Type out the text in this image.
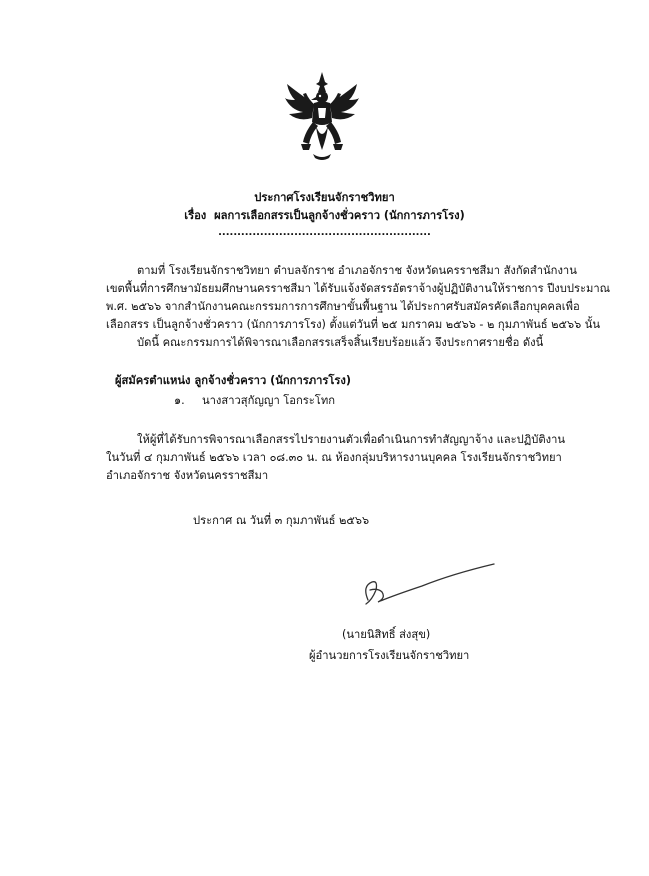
ประกาศโรงเรียนจักราชวิทยา
เรื่อง ผลการเลือกสรรเป็นลูกจ้างชั่วคราว (นักการภารโรง)
........................................................
ตามที่ โรงเรียนจักราชวิทยา ตำบลจักราช อำเภอจักราช จังหวัดนครราชสีมา สังกัดสำนักงาน
เขตพื้นที่การศึกษามัธยมศึกษานครราชสีมา ได้รับแจ้งจัดสรรอัตราจ้างผู้ปฏิบัติงานให้ราชการ ปีงบประมาณ
พ.ศ. ๒๕๖๖ จากสำนักงานคณะกรรมการการศึกษาขั้นพื้นฐาน ได้ประกาศรับสมัครคัดเลือกบุคคลเพื่อ
เลือกสรร เป็นลูกจ้างชั่วคราว (นักการภารโรง) ตั้งแต่วันที่ ๒๕ มกราคม ๒๕๖๖ - ๒ กุมภาพันธ์ ๒๕๖๖ นั้น
บัดนี้ คณะกรรมการได้พิจารณาเลือกสรรเสร็จสิ้นเรียบร้อยแล้ว จึงประกาศรายชื่อ ดังนี้
ผู้สมัครตำแหน่ง ลูกจ้างชั่วคราว (นักการภารโรง)
๑. นางสาวสุกัญญา โอกระโทก
ให้ผู้ที่ได้รับการพิจารณาเลือกสรรไปรายงานตัวเพื่อดำเนินการทำสัญญาจ้าง และปฏิบัติงาน
ในวันที่ ๔ กุมภาพันธ์ ๒๕๖๖ เวลา ๐๘.๓๐ น. ณ ห้องกลุ่มบริหารงานบุคคล โรงเรียนจักราชวิทยา
อำเภอจักราช จังหวัดนครราชสีมา
ประกาศ ณ วันที่ ๓ กุมภาพันธ์ ๒๕๖๖
(นายนิสิทธิ์ ส่งสุข)
ผู้อำนวยการโรงเรียนจักราชวิทยา
